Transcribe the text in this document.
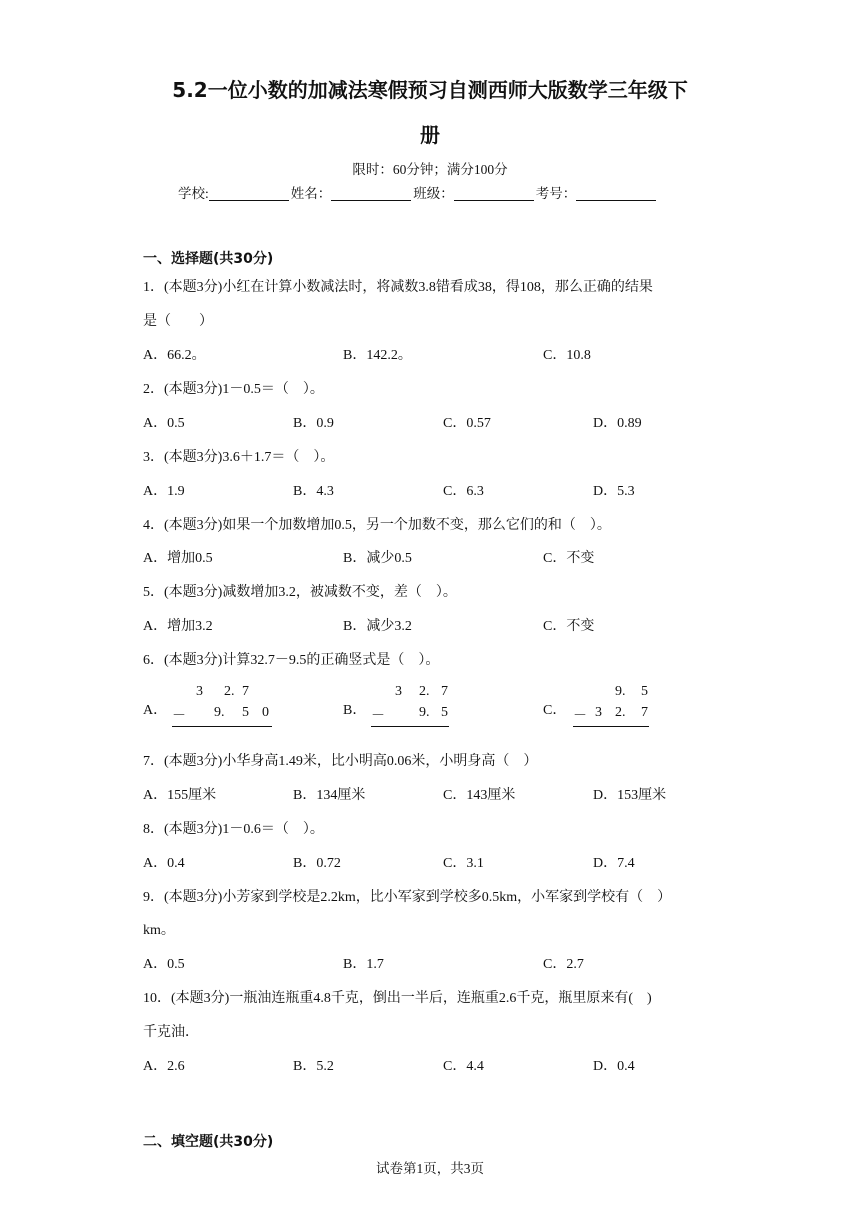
5.2一位小数的加减法寒假预习自测西师大版数学三年级下
册
限时：60分钟；满分100分
学校:	姓名：	班级：	考号：
一、选择题(共30分)
1．(本题3分)小红在计算小数减法时，将减数3.8错看成38，得108，那么正确的结果
是（　　）
A．66.2。	B．142.2。	C．10.8
2．(本题3分)1－0.5＝（　）。
A．0.5	B．0.9	C．0.57	D．0.89
3．(本题3分)3.6＋1.7＝（　）。
A．1.9	B．4.3	C．6.3	D．5.3
4．(本题3分)如果一个加数增加0.5，另一个加数不变，那么它们的和（　）。
A．增加0.5	B．减少0.5	C．不变
5．(本题3分)减数增加3.2，被减数不变，差（　）。
A．增加3.2	B．减少3.2	C．不变
6．(本题3分)计算32.7－9.5的正确竖式是（　）。
A．
3 2. 7
－ 9. 5 0	B．
3 2. 7
－ 9. 5	C．
9. 5
－ 3 2. 7
7．(本题3分)小华身高1.49米，比小明高0.06米，小明身高（　）
A．155厘米	B．134厘米	C．143厘米	D．153厘米
8．(本题3分)1－0.6＝（　）。
A．0.4	B．0.72	C．3.1	D．7.4
9．(本题3分)小芳家到学校是2.2km，比小军家到学校多0.5km，小军家到学校有（　）
km。
A．0.5	B．1.7	C．2.7
10．(本题3分)一瓶油连瓶重4.8千克，倒出一半后，连瓶重2.6千克，瓶里原来有(　)
千克油．
A．2.6	B．5.2	C．4.4	D．0.4
二、填空题(共30分)
试卷第1页，共3页
